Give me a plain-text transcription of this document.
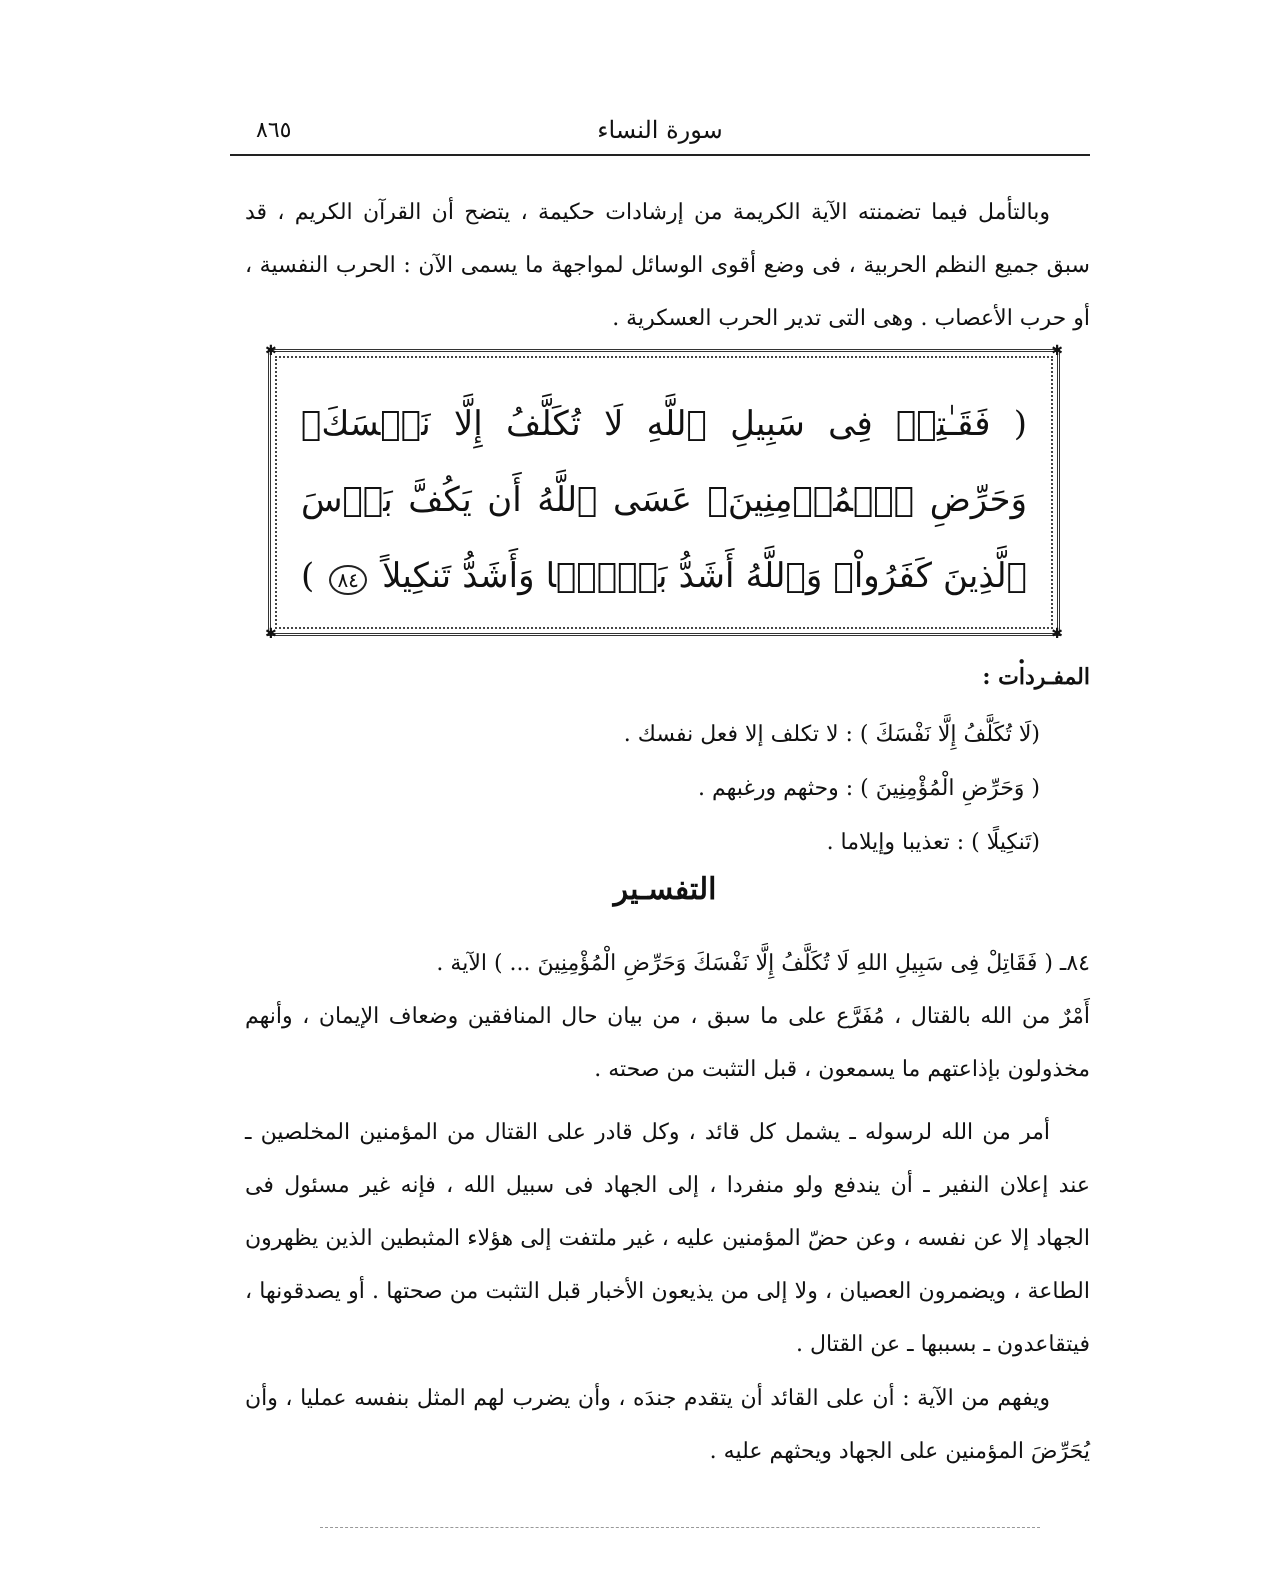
سورة النساء
٨٦٥

وبالتأمل فيما تضمنته الآية الكريمة من إرشادات حكيمة ، يتضح أن القرآن الكريم ، قد سبق جميع النظم الحربية ، فى وضع أقوى الوسائل لمواجهة ما يسمى الآن : الحرب النفسية ، أو حرب الأعصاب . وهى التى تدير الحرب العسكرية .

✱	✱
✱	✱
( فَقَـٰتِلۡ فِى سَبِيلِ ٱللَّهِ لَا تُكَلَّفُ إِلَّا نَفۡسَكَ‌ۚ وَحَرِّضِ ٱلۡمُؤۡمِنِينَ‌ۖ عَسَى ٱللَّهُ أَن يَكُفَّ بَأۡسَ ٱلَّذِينَ كَفَرُواْ‌ۚ وَٱللَّهُ أَشَدُّ بَأۡسً۬ا وَأَشَدُّ تَنكِيلاً ٨٤ ) .
المفـردات :
(لَا تُكَلَّفُ إِلَّا نَفْسَكَ ) : لا تكلف إلا فعل نفسك .
( وَحَرِّضِ الْمُؤْمِنِينَ ) : وحثهم ورغبهم .
(تَنكِيلًا ) : تعذيبا وإيلاما .
التفسـير

٨٤ـ ( فَقَاتِلْ فِى سَبِيلِ اللهِ لَا تُكَلَّفُ إِلَّا نَفْسَكَ وَحَرِّضِ الْمُؤْمِنِينَ ... ) الآية .

أَمْرٌ من الله بالقتال ، مُفَرَّع على ما سبق ، من بيان حال المنافقين وضعاف الإيمان ، وأنهم مخذولون بإذاعتهم ما يسمعون ، قبل التثبت من صحته .

أمر من الله لرسوله ـ يشمل كل قائد ، وكل قادر على القتال من المؤمنين المخلصين ـ عند إعلان النفير ـ أن يندفع ولو منفردا ، إلى الجهاد فى سبيل الله ، فإنه غير مسئول فى الجهاد إلا عن نفسه ، وعن حضّ المؤمنين عليه ، غير ملتفت إلى هؤلاء المثبطين الذين يظهرون الطاعة ، ويضمرون العصيان ، ولا إلى من يذيعون الأخبار قبل التثبت من صحتها . أو يصدقونها ، فيتقاعدون ـ بسببها ـ عن القتال .

ويفهم من الآية : أن على القائد أن يتقدم جندَه ، وأن يضرب لهم المثل بنفسه عمليا ، وأن يُحَرِّضَ المؤمنين على الجهاد ويحثهم عليه .
